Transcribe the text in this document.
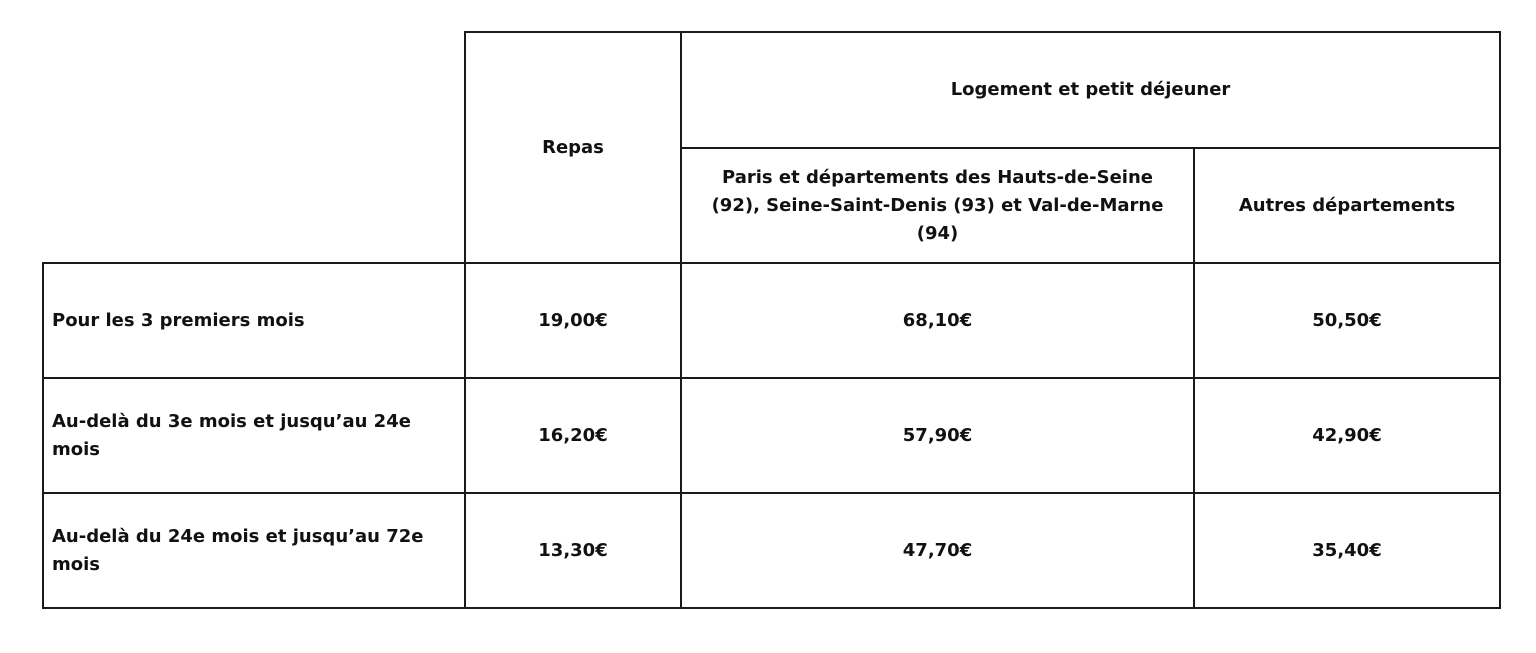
	Repas	Logement et petit déjeuner	
		Paris et départements des Hauts-de-Seine (92), Seine-Saint-Denis (93) et Val-de-Marne (94)	Autres départements
Pour les 3 premiers mois	19,00€	68,10€	50,50€
Au-delà du 3e mois et jusqu’au 24e mois	16,20€	57,90€	42,90€
Au-delà du 24e mois et jusqu’au 72e mois	13,30€	47,70€	35,40€
